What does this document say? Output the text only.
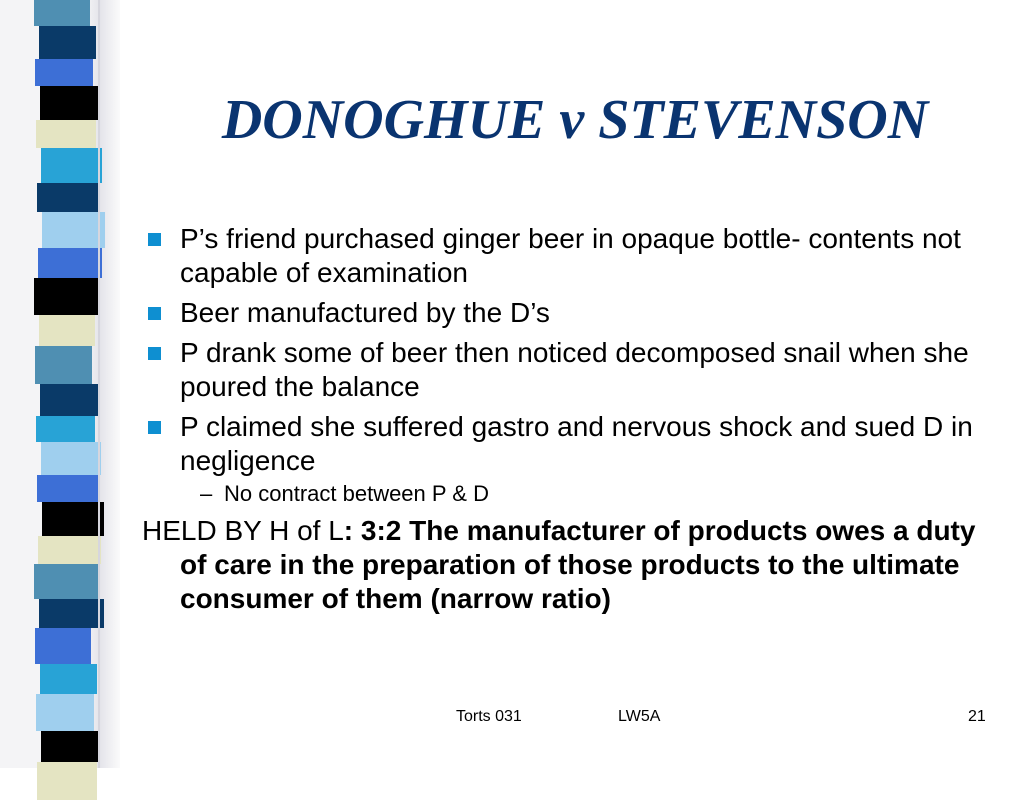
DONOGHUE v STEVENSON
P’s friend purchased ginger beer in opaque bottle- contents not capable of examination
Beer manufactured by the D’s
P drank some of beer then noticed decomposed snail when she poured the balance
P claimed she suffered gastro and nervous shock and sued D in negligence
– No contract between P & D
HELD BY H of L: 3:2 The manufacturer of products owes a duty of care in the preparation of those products to the ultimate consumer of them (narrow ratio)
Torts 031	LW5A	21
